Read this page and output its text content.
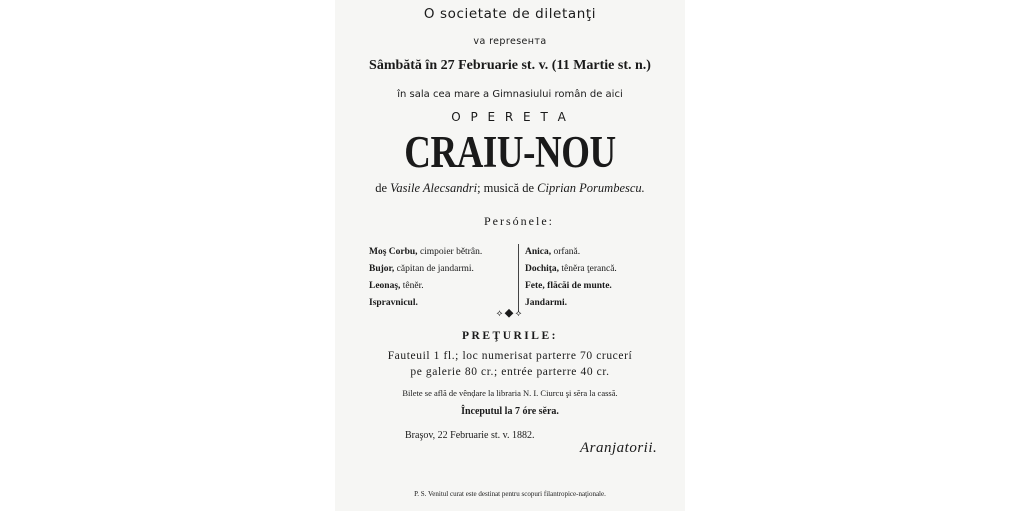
O societate de diletanţi
va represента
Sâmbătă în 27 Februarie st. v. (11 Martie st. n.)
în sala cea mare a Gimnasiului român de aici
O P E R E T A
CRAIU-NOU
de Vasile Alecsandri; musică de Ciprian Porumbescu.
Persónele:
Moş Corbu, cimpoier bětrân.
Bujor, căpitan de jandarmi.
Leonaş, tênĕr.
Ispravnicul.
Anica, orfană.
Dochiţa, tênĕra ţerancă.
Fete, flăcăi de munte.
Jandarmi.
⟡◆⟡
PREŢURILE:
Fauteuil 1 fl.; loc numerisat parterre 70 crucerí
pe galerie 80 cr.; entrée parterre 40 cr.
Bilete se află de vênḑare la libraria N. I. Ciurcu şi sĕra la cassă.
Începutul la 7 óre sĕra.
Braşov, 22 Februarie st. v. 1882.
Aranjatorii.
P. S. Venitul curat este destinat pentru scopuri filantropice-naţionale.
